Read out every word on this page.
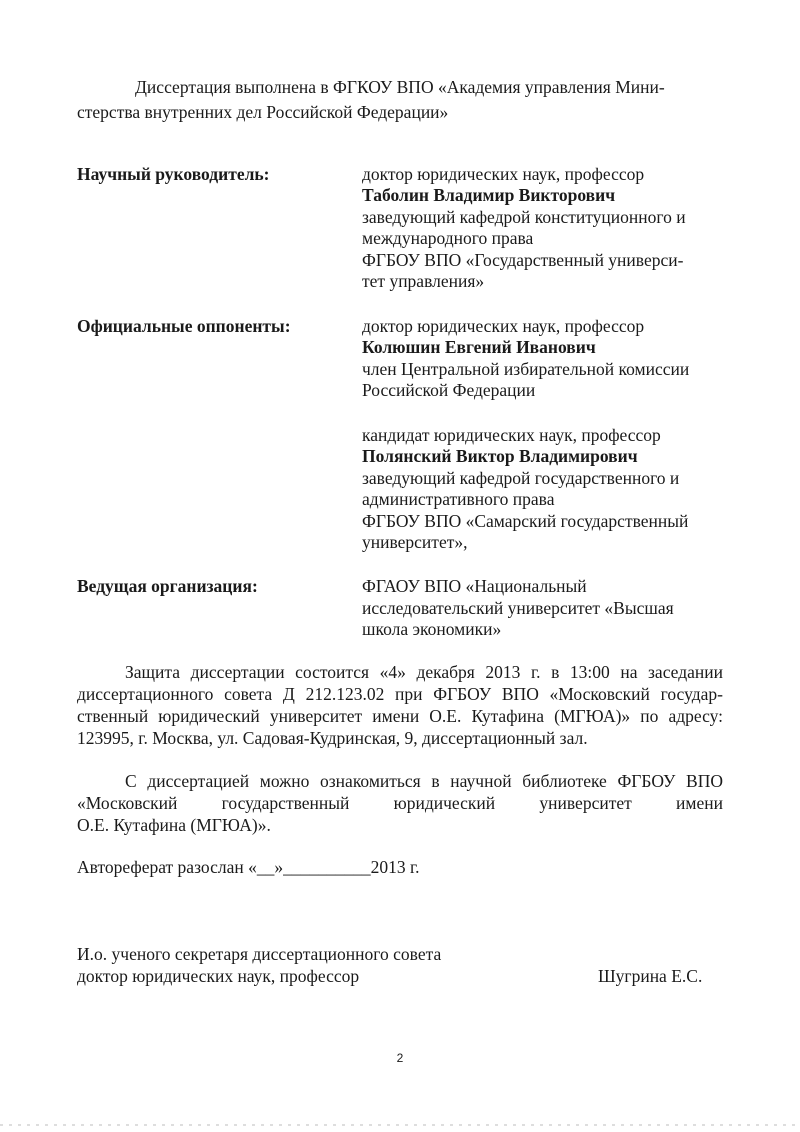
Диссертация выполнена в ФГКОУ ВПО «Академия управления Мини-
стерства внутренних дел Российской Федерации»
Научный руководитель:	доктор юридических наук, профессор
Таболин Владимир Викторович
заведующий кафедрой конституционного и
международного права
ФГБОУ ВПО «Государственный универси-
тет управления»
Официальные оппоненты:	доктор юридических наук, профессор
Колюшин Евгений Иванович
член Центральной избирательной комиссии
Российской Федерации
кандидат юридических наук, профессор
Полянский Виктор Владимирович
заведующий кафедрой государственного и
административного права
ФГБОУ ВПО «Самарский государственный
университет»,
Ведущая организация:	ФГАОУ ВПО «Национальный
исследовательский университет «Высшая
школа экономики»
Защита диссертации состоится «4» декабря 2013 г. в 13:00 на заседании
диссертационного совета Д 212.123.02 при ФГБОУ ВПО «Московский государ-
ственный юридический университет имени О.Е. Кутафина (МГЮА)» по адресу:
123995, г. Москва, ул. Садовая-Кудринская, 9, диссертационный зал.
С диссертацией можно ознакомиться в научной библиотеке ФГБОУ ВПО
«Московский государственный юридический университет имени
О.Е. Кутафина (МГЮА)».
Автореферат разослан «__»__________2013 г.
И.о. ученого секретаря диссертационного совета
доктор юридических наук, профессор	Шугрина Е.С.
2
